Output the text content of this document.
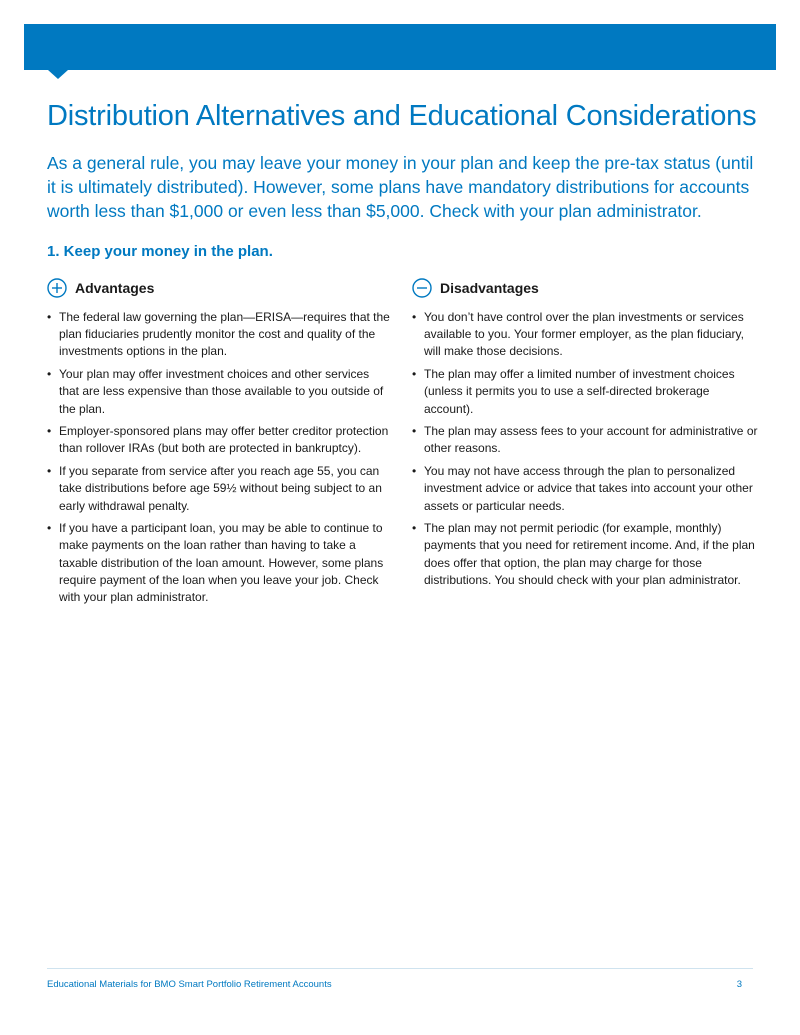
Distribution Alternatives and Educational Considerations

As a general rule, you may leave your money in your plan and keep the pre-tax status (until it is ultimately distributed). However, some plans have mandatory distributions for accounts worth less than $1,000 or even less than $5,000. Check with your plan administrator.

1. Keep your money in the plan.
Advantages
• The federal law governing the plan—ERISA—requires that the plan fiduciaries prudently monitor the cost and quality of the investments options in the plan.
• Your plan may offer investment choices and other services that are less expensive than those available to you outside of the plan.
• Employer-sponsored plans may offer better creditor protection than rollover IRAs (but both are protected in bankruptcy).
• If you separate from service after you reach age 55, you can take distributions before age 59½ without being subject to an early withdrawal penalty.
• If you have a participant loan, you may be able to continue to make payments on the loan rather than having to take a taxable distribution of the loan amount. However, some plans require payment of the loan when you leave your job. Check with your plan administrator.
Disadvantages
• You don’t have control over the plan investments or services available to you. Your former employer, as the plan fiduciary, will make those decisions.
• The plan may offer a limited number of investment choices (unless it permits you to use a self-directed brokerage account).
• The plan may assess fees to your account for administrative or other reasons.
• You may not have access through the plan to personalized investment advice or advice that takes into account your other assets or particular needs.
• The plan may not permit periodic (for example, monthly) payments that you need for retirement income. And, if the plan does offer that option, the plan may charge for those distributions. You should check with your plan administrator.
Educational Materials for BMO Smart Portfolio Retirement Accounts	3
